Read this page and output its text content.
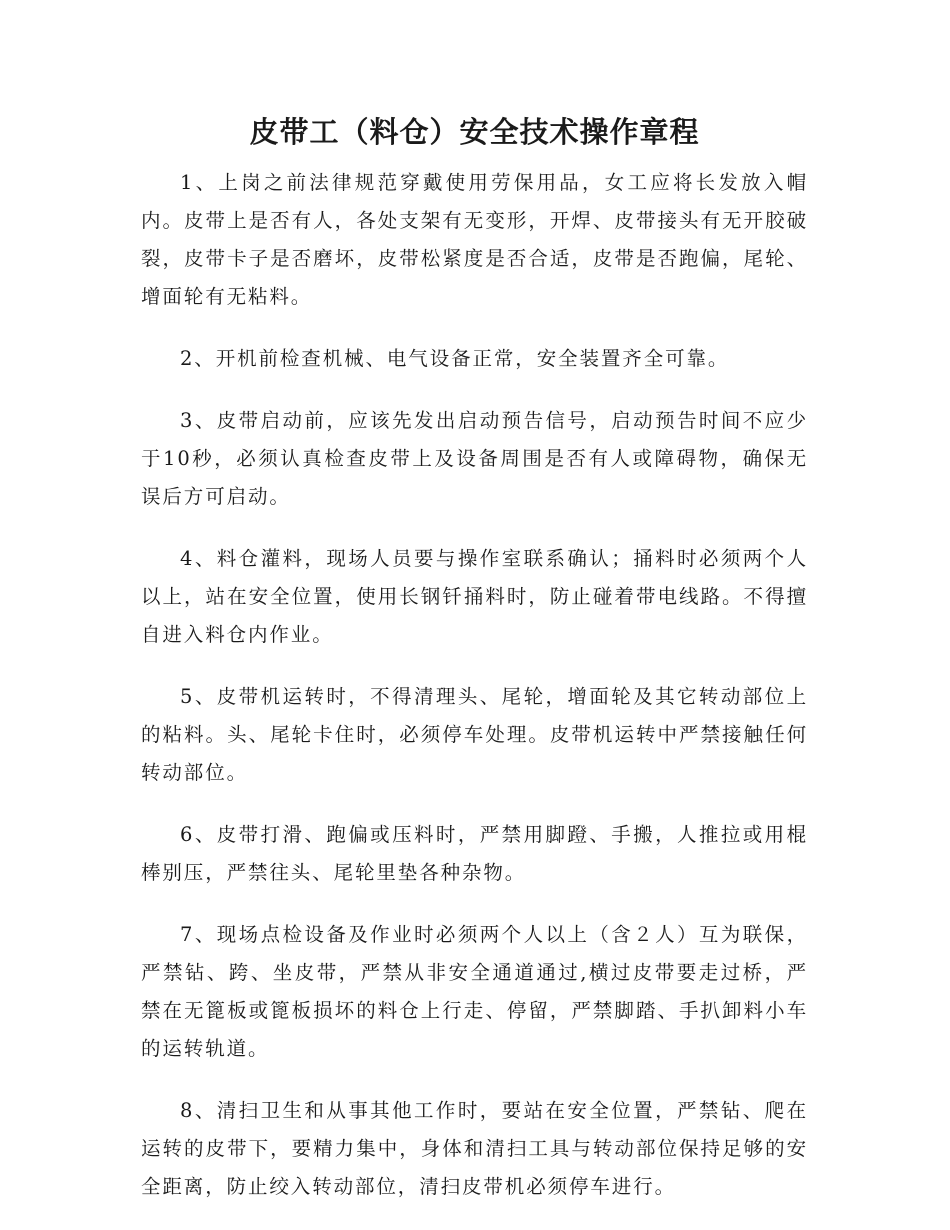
皮带工（料仓）安全技术操作章程

1、上岗之前法律规范穿戴使用劳保用品，女工应将长发放入帽内。皮带上是否有人，各处支架有无变形，开焊、皮带接头有无开胶破裂，皮带卡子是否磨坏，皮带松紧度是否合适，皮带是否跑偏，尾轮、增面轮有无粘料。

2、开机前检查机械、电气设备正常，安全装置齐全可靠。

3、皮带启动前，应该先发出启动预告信号，启动预告时间不应少于10秒，必须认真检查皮带上及设备周围是否有人或障碍物，确保无误后方可启动。

4、料仓灌料，现场人员要与操作室联系确认；捅料时必须两个人以上，站在安全位置，使用长钢钎捅料时，防止碰着带电线路。不得擅自进入料仓内作业。

5、皮带机运转时，不得清理头、尾轮，增面轮及其它转动部位上的粘料。头、尾轮卡住时，必须停车处理。皮带机运转中严禁接触任何转动部位。

6、皮带打滑、跑偏或压料时，严禁用脚蹬、手搬，人推拉或用棍棒别压，严禁往头、尾轮里垫各种杂物。

7、现场点检设备及作业时必须两个人以上（含２人）互为联保，严禁钻、跨、坐皮带，严禁从非安全通道通过,横过皮带要走过桥，严禁在无篦板或篦板损坏的料仓上行走、停留，严禁脚踏、手扒卸料小车的运转轨道。

8、清扫卫生和从事其他工作时，要站在安全位置，严禁钻、爬在运转的皮带下，要精力集中，身体和清扫工具与转动部位保持足够的安全距离，防止绞入转动部位，清扫皮带机必须停车进行。
